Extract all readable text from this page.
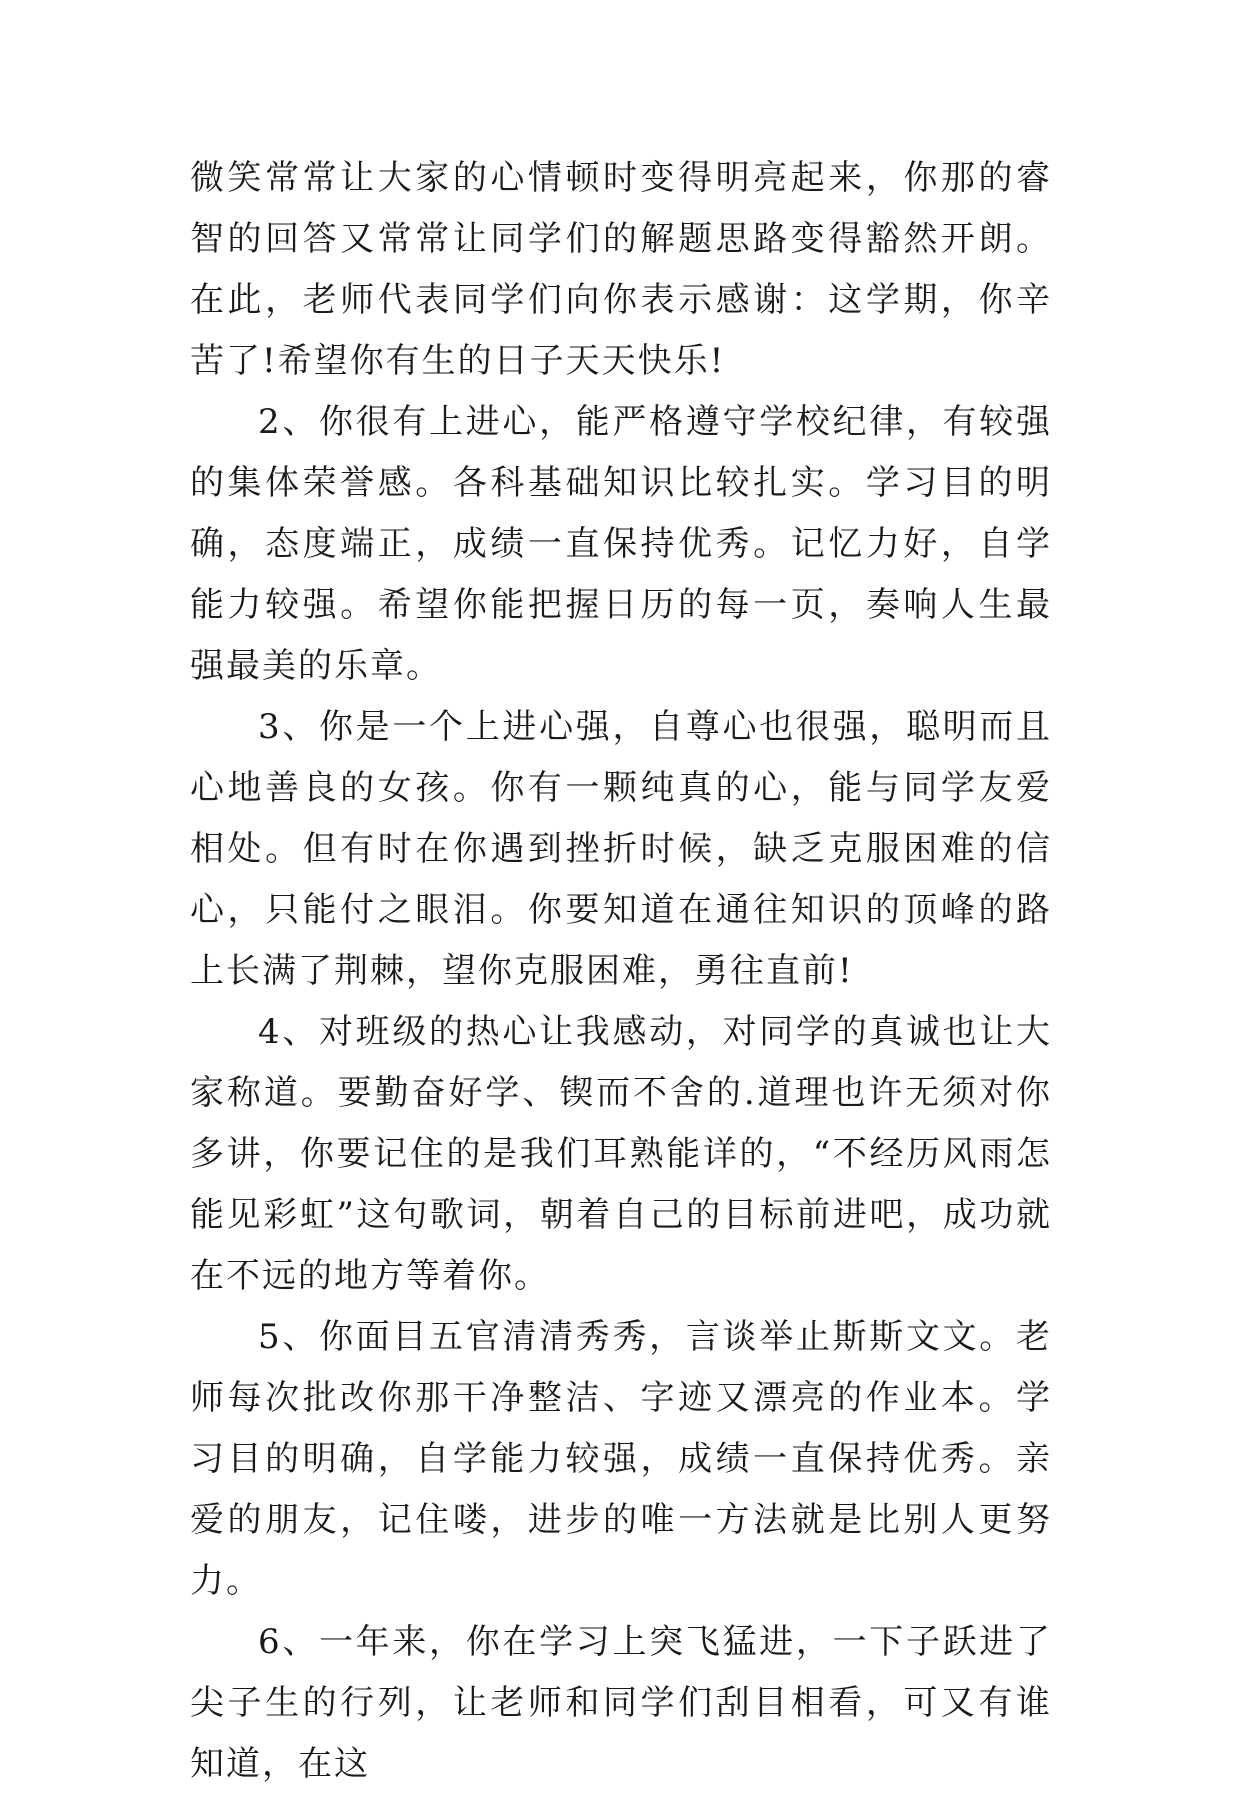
微笑常常让大家的心情顿时变得明亮起来，你那的睿智的回答又常常让同学们的解题思路变得豁然开朗。在此，老师代表同学们向你表示感谢：这学期，你辛苦了!希望你有生的日子天天快乐!

2、你很有上进心，能严格遵守学校纪律，有较强的集体荣誉感。各科基础知识比较扎实。学习目的明确，态度端正，成绩一直保持优秀。记忆力好，自学能力较强。希望你能把握日历的每一页，奏响人生最强最美的乐章。

3、你是一个上进心强，自尊心也很强，聪明而且心地善良的女孩。你有一颗纯真的心，能与同学友爱相处。但有时在你遇到挫折时候，缺乏克服困难的信心，只能付之眼泪。你要知道在通往知识的顶峰的路上长满了荆棘，望你克服困难，勇往直前!

4、对班级的热心让我感动，对同学的真诚也让大家称道。要勤奋好学、锲而不舍的.道理也许无须对你多讲，你要记住的是我们耳熟能详的，“不经历风雨怎能见彩虹”这句歌词，朝着自己的目标前进吧，成功就在不远的地方等着你。

5、你面目五官清清秀秀，言谈举止斯斯文文。老师每次批改你那干净整洁、字迹又漂亮的作业本。学习目的明确，自学能力较强，成绩一直保持优秀。亲爱的朋友，记住喽，进步的唯一方法就是比别人更努力。

6、一年来，你在学习上突飞猛进，一下子跃进了尖子生的行列，让老师和同学们刮目相看，可又有谁知道，在这
